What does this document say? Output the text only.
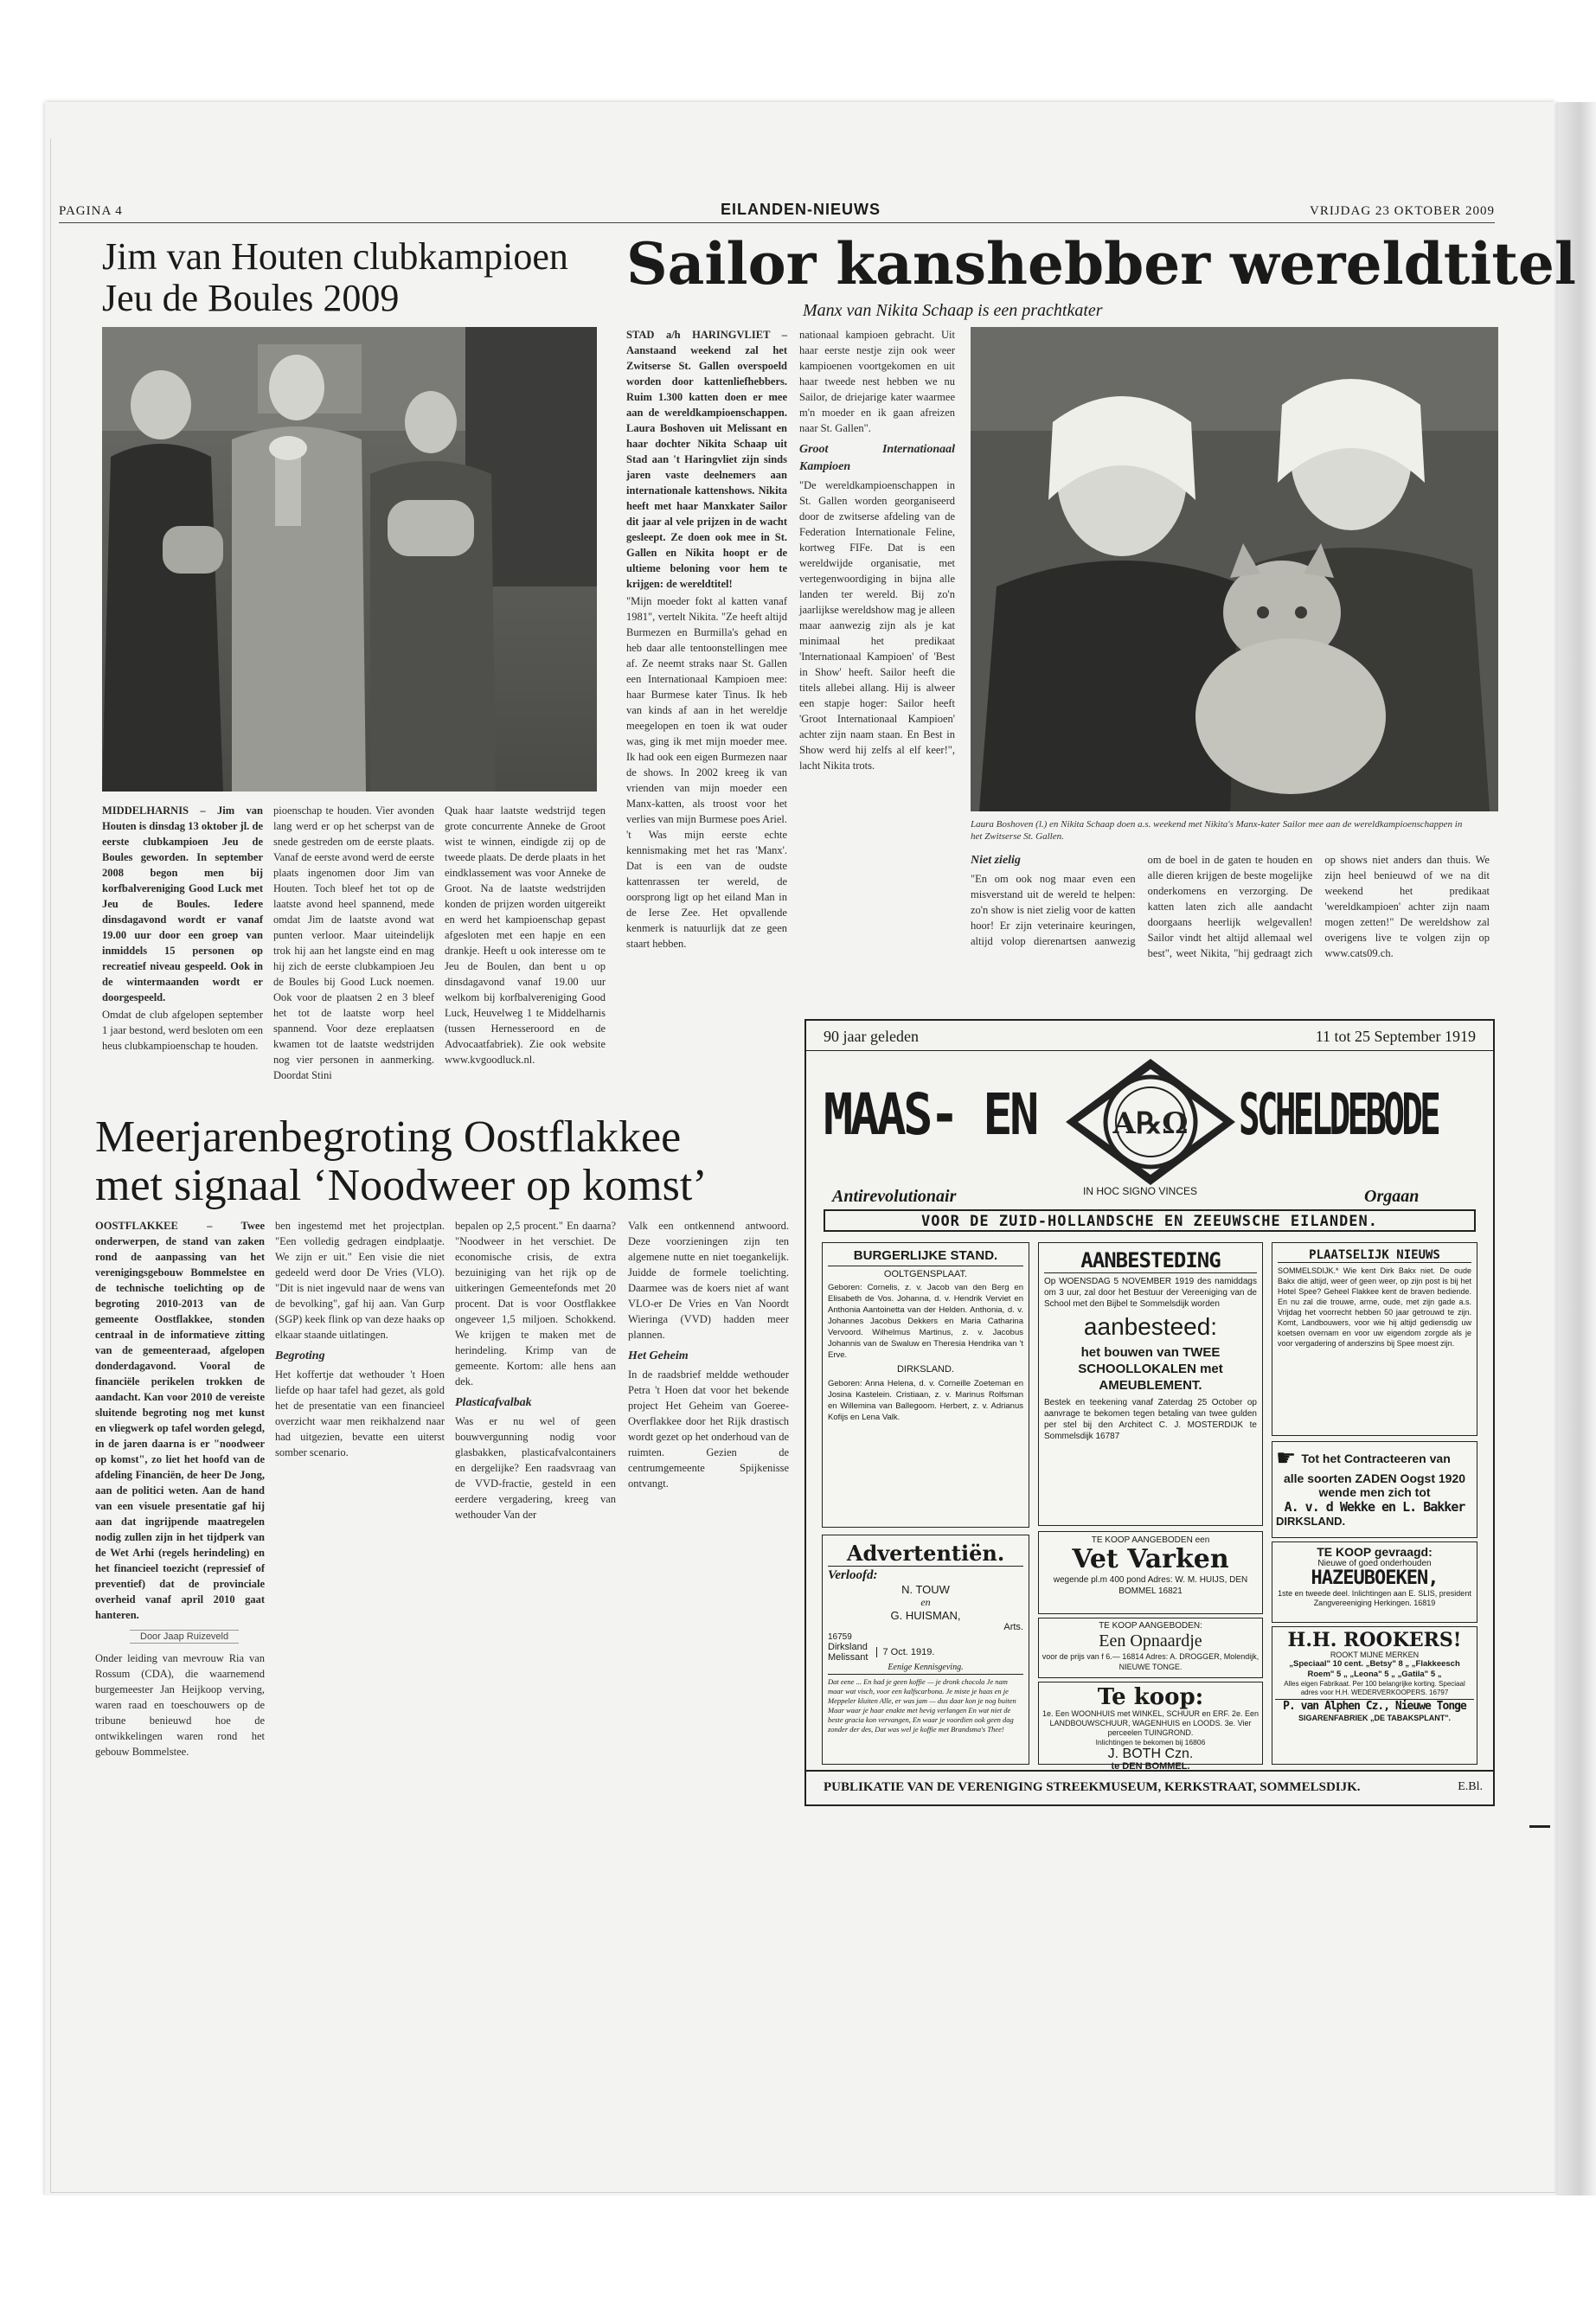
PAGINA 4	EILANDEN-NIEUWS	VRIJDAG 23 OKTOBER 2009
Jim van Houten clubkampioen
Jeu de Boules 2009

MIDDELHARNIS – Jim van Houten is dinsdag 13 oktober jl. de eerste clubkampioen Jeu de Boules geworden. In september 2008 begon men bij korfbalvereniging Good Luck met Jeu de Boules. Iedere dinsdagavond wordt er vanaf 19.00 uur door een groep van inmiddels 15 personen op recreatief niveau gespeeld. Ook in de wintermaanden wordt er doorgespeeld.

Omdat de club afgelopen september 1 jaar bestond, werd besloten om een heus clubkampioenschap te houden.

pioenschap te houden. Vier avonden lang werd er op het scherpst van de snede gestreden om de eerste plaats. Vanaf de eerste avond werd de eerste plaats ingenomen door Jim van Houten. Toch bleef het tot op de laatste avond heel spannend, mede omdat Jim de laatste avond wat punten verloor. Maar uiteindelijk trok hij aan het langste eind en mag hij zich de eerste clubkampioen Jeu de Boules bij Good Luck noemen. Ook voor de plaatsen 2 en 3 bleef het tot de laatste worp heel spannend. Voor deze ereplaatsen kwamen tot de laatste wedstrijden nog vier personen in aanmerking. Doordat Stini

Quak haar laatste wedstrijd tegen grote concurrente Anneke de Groot wist te winnen, eindigde zij op de tweede plaats. De derde plaats in het eindklassement was voor Anneke de Groot. Na de laatste wedstrijden konden de prijzen worden uitgereikt en werd het kampioenschap gepast afgesloten met een hapje en een drankje. Heeft u ook interesse om te Jeu de Boulen, dan bent u op dinsdagavond vanaf 19.00 uur welkom bij korfbalvereniging Good Luck, Heuvelweg 1 te Middelharnis (tussen Hernesseroord en de Advocaatfabriek). Zie ook website www.kvgoodluck.nl.

Sailor kanshebber wereldtitel
Manx van Nikita Schaap is een prachtkater

STAD a/h HARINGVLIET – Aanstaand weekend zal het Zwitserse St. Gallen overspoeld worden door kattenliefhebbers. Ruim 1.300 katten doen er mee aan de wereldkampioenschappen. Laura Boshoven uit Melissant en haar dochter Nikita Schaap uit Stad aan 't Haringvliet zijn sinds jaren vaste deelnemers aan internationale kattenshows. Nikita heeft met haar Manxkater Sailor dit jaar al vele prijzen in de wacht gesleept. Ze doen ook mee in St. Gallen en Nikita hoopt er de ultieme beloning voor hem te krijgen: de wereldtitel!

"Mijn moeder fokt al katten vanaf 1981", vertelt Nikita. "Ze heeft altijd Burmezen en Burmilla's gehad en heb daar alle tentoonstellingen mee af. Ze neemt straks naar St. Gallen een Internationaal Kampioen mee: haar Burmese kater Tinus. Ik heb van kinds af aan in het wereldje meegelopen en toen ik wat ouder was, ging ik met mijn moeder mee. Ik had ook een eigen Burmezen naar de shows. In 2002 kreeg ik van vrienden van mijn moeder een Manx-katten, als troost voor het verlies van mijn Burmese poes Ariel. 't Was mijn eerste echte kennismaking met het ras 'Manx'. Dat is een van de oudste kattenrassen ter wereld, de oorsprong ligt op het eiland Man in de Ierse Zee. Het opvallende kenmerk is natuurlijk dat ze geen staart hebben.

nationaal kampioen gebracht. Uit haar eerste nestje zijn ook weer kampioenen voortgekomen en uit haar tweede nest hebben we nu Sailor, de driejarige kater waarmee m'n moeder en ik gaan afreizen naar St. Gallen".

Groot Internationaal Kampioen

"De wereldkampioenschappen in St. Gallen worden georganiseerd door de zwitserse afdeling van de Federation Internationale Feline, kortweg FIFe. Dat is een wereldwijde organisatie, met vertegenwoordiging in bijna alle landen ter wereld. Bij zo'n jaarlijkse wereldshow mag je alleen maar aanwezig zijn als je kat minimaal het predikaat 'Internationaal Kampioen' of 'Best in Show' heeft. Sailor heeft die titels allebei allang. Hij is alweer een stapje hoger: Sailor heeft 'Groot Internationaal Kampioen' achter zijn naam staan. En Best in Show werd hij zelfs al elf keer!", lacht Nikita trots.

Laura Boshoven (l.) en Nikita Schaap doen a.s. weekend met Nikita's Manx-kater Sailor mee aan de wereldkampioenschappen in het Zwitserse St. Gallen.
Niet zielig

"En om ook nog maar even een misverstand uit de wereld te helpen: zo'n show is niet zielig voor de katten hoor! Er zijn veterinaire keuringen, altijd volop dierenartsen aanwezig om de boel in de gaten te houden en alle dieren krijgen de beste mogelijke onderkomens en verzorging. De katten laten zich alle aandacht doorgaans heerlijk welgevallen! Sailor vindt het altijd allemaal wel best", weet Nikita, "hij gedraagt zich op shows niet anders dan thuis. We zijn heel benieuwd of we na dit weekend het predikaat 'wereldkampioen' achter zijn naam mogen zetten!" De wereldshow zal overigens live te volgen zijn op www.cats09.ch.

Meerjarenbegroting Oostflakkee
met signaal ‘Noodweer op komst’

OOSTFLAKKEE – Twee onderwerpen, de stand van zaken rond de aanpassing van het verenigingsgebouw Bommelstee en de technische toelichting op de begroting 2010-2013 van de gemeente Oostflakkee, stonden centraal in de informatieve zitting van de gemeenteraad, afgelopen donderdagavond. Vooral de financiële perikelen trokken de aandacht. Kan voor 2010 de vereiste sluitende begroting nog met kunst en vliegwerk op tafel worden gelegd, in de jaren daarna is er "noodweer op komst", zo liet het hoofd van de afdeling Financiën, de heer De Jong, aan de politici weten. Aan de hand van een visuele presentatie gaf hij aan dat ingrijpende maatregelen nodig zullen zijn in het tijdperk van de Wet Arhi (regels herindeling) en het financieel toezicht (repressief of preventief) dat de provinciale overheid vanaf april 2010 gaat hanteren.

Door Jaap Ruizeveld

Onder leiding van mevrouw Ria van Rossum (CDA), die waarnemend burgemeester Jan Heijkoop verving, waren raad en toeschouwers op de tribune benieuwd hoe de ontwikkelingen waren rond het gebouw Bommelstee.

ben ingestemd met het projectplan. "Een volledig gedragen eindplaatje. We zijn er uit." Een visie die niet gedeeld werd door De Vries (VLO). "Dit is niet ingevuld naar de wens van de bevolking", gaf hij aan. Van Gurp (SGP) keek flink op van deze haaks op elkaar staande uitlatingen.

Begroting

Het koffertje dat wethouder 't Hoen liefde op haar tafel had gezet, als gold het de presentatie van een financieel overzicht waar men reikhalzend naar had uitgezien, bevatte een uiterst somber scenario.

bepalen op 2,5 procent." En daarna? "Noodweer in het verschiet. De economische crisis, de extra bezuiniging van het rijk op de uitkeringen Gemeentefonds met 20 procent. Dat is voor Oostflakkee ongeveer 1,5 miljoen. Schokkend. We krijgen te maken met de herindeling. Krimp van de gemeente. Kortom: alle hens aan dek.

Plasticafvalbak

Was er nu wel of geen bouwvergunning nodig voor glasbakken, plasticafvalcontainers en dergelijke? Een raadsvraag van de VVD-fractie, gesteld in een eerdere vergadering, kreeg van wethouder Van der

Valk een ontkennend antwoord. Deze voorzieningen zijn ten algemene nutte en niet toegankelijk. Juidde de formele toelichting. Daarmee was de koers niet af want VLO-er De Vries en Van Noordt Wieringa (VVD) hadden meer plannen.

Het Geheim

In de raadsbrief meldde wethouder Petra 't Hoen dat voor het bekende project Het Geheim van Goeree-Overflakkee door het Rijk drastisch wordt gezet op het onderhoud van de ruimten. Gezien de centrumgemeente Spijkenisse ontvangt.

90 jaar geleden	11 tot 25 September 1919
MAAS- EN	A℞Ω SCHELDEBODE
IN HOC SIGNO VINCES
Antirevolutionair	Orgaan
VOOR DE ZUID-HOLLANDSCHE EN ZEEUWSCHE EILANDEN.
BURGERLIJKE STAND.
OOLTGENSPLAAT.
Geboren: Cornelis, z. v. Jacob van den Berg en Elisabeth de Vos. Johanna, d. v. Hendrik Verviet en Anthonia Aantoinetta van der Helden. Anthonia, d. v. Johannes Jacobus Dekkers en Maria Catharina Vervoord. Wilhelmus Martinus, z. v. Jacobus Johannis van de Swaluw en Theresia Hendrika van 't Erve.
DIRKSLAND.
Geboren: Anna Helena, d. v. Corneille Zoeteman en Josina Kastelein. Cristiaan, z. v. Marinus Rolfsman en Willemina van Ballegoom. Herbert, z. v. Adrianus Kofijs en Lena Valk.
Advertentiën.
Verloofd:
N. TOUW
en
G. HUISMAN,
Arts.
16759
Dirksland
Melissant	7 Oct. 1919.
Eenige Kennisgeving.
Dat eene ... En had je geen koffie — je dronk chocola Je nam maar wat visch, voor een kalfscarbona. Je miste je haas en je Meppeler kluiten Alle, er was jam — dus daar kon je nog buiten Maar waar je haar enakte met hevig verlangen En wat niet de beste gracia kon vervangen, En waar je voordien ook geen dag zonder der des, Dat was wel je koffie met Brandsma's Thee!
AANBESTEDING
Op WOENSDAG 5 NOVEMBER 1919 des namiddags om 3 uur, zal door het Bestuur der Vereeniging van de School met den Bijbel te Sommelsdijk worden
aanbesteed:
het bouwen van TWEE SCHOOLLOKALEN met AMEUBLEMENT.
Bestek en teekening vanaf Zaterdag 25 October op aanvrage te bekomen tegen betaling van twee gulden per stel bij den Architect C. J. MOSTERDIJK te Sommelsdijk 16787
TE KOOP AANGEBODEN een
Vet Varken
wegende pl.m 400 pond Adres: W. M. HUIJS, DEN BOMMEL 16821
TE KOOP AANGEBODEN:
Een Opnaardje
voor de prijs van f 6.— 16814 Adres: A. DROGGER, Molendijk, NIEUWE TONGE.
Te koop:
1e. Een WOONHUIS met WINKEL, SCHUUR en ERF. 2e. Een LANDBOUWSCHUUR, WAGENHUIS en LOODS. 3e. Vier perceelen TUINGROND.
Inlichtingen te bekomen bij 16806
J. BOTH Czn.
te DEN BOMMEL.
PLAATSELIJK NIEUWS
SOMMELSDIJK.* Wie kent Dirk Bakx niet. De oude Bakx die altijd, weer of geen weer, op zijn post is bij het Hotel Spee? Geheel Flakkee kent de braven bediende. En nu zal die trouwe, arme, oude, met zijn gade a.s. Vrijdag het voorrecht hebben 50 jaar getrouwd te zijn. Komt, Landbouwers, voor wie hij altijd gediensdig uw koetsen overnam en voor uw eigendom zorgde als je voor vergadering of anderszins bij Spee moest zijn.
☛ Tot het Contracteeren van
alle soorten ZADEN Oogst 1920 wende men zich tot
A. v. d Wekke en L. Bakker
DIRKSLAND.
TE KOOP gevraagd:
Nieuwe of goed onderhouden
HAZEUBOEKEN,
1ste en tweede deel. Inlichtingen aan E. SLIS, president Zangvereeniging Herkingen. 16819
H.H. ROOKERS!
ROOKT MIJNE MERKEN
„Speciaal" 10 cent. „Betsy" 8 „ „Flakkeesch Roem" 5 „ „Leona" 5 „ „Gatila" 5 „
Alles eigen Fabrikaat. Per 100 belangrijke korting. Speciaal adres voor H.H. WEDERVERKOOPERS. 16797
P. van Alphen Cz., Nieuwe Tonge
SIGARENFABRIEK „DE TABAKSPLANT".
PUBLIKATIE VAN DE VERENIGING STREEKMUSEUM, KERKSTRAAT, SOMMELSDIJK.	E.Bl.
